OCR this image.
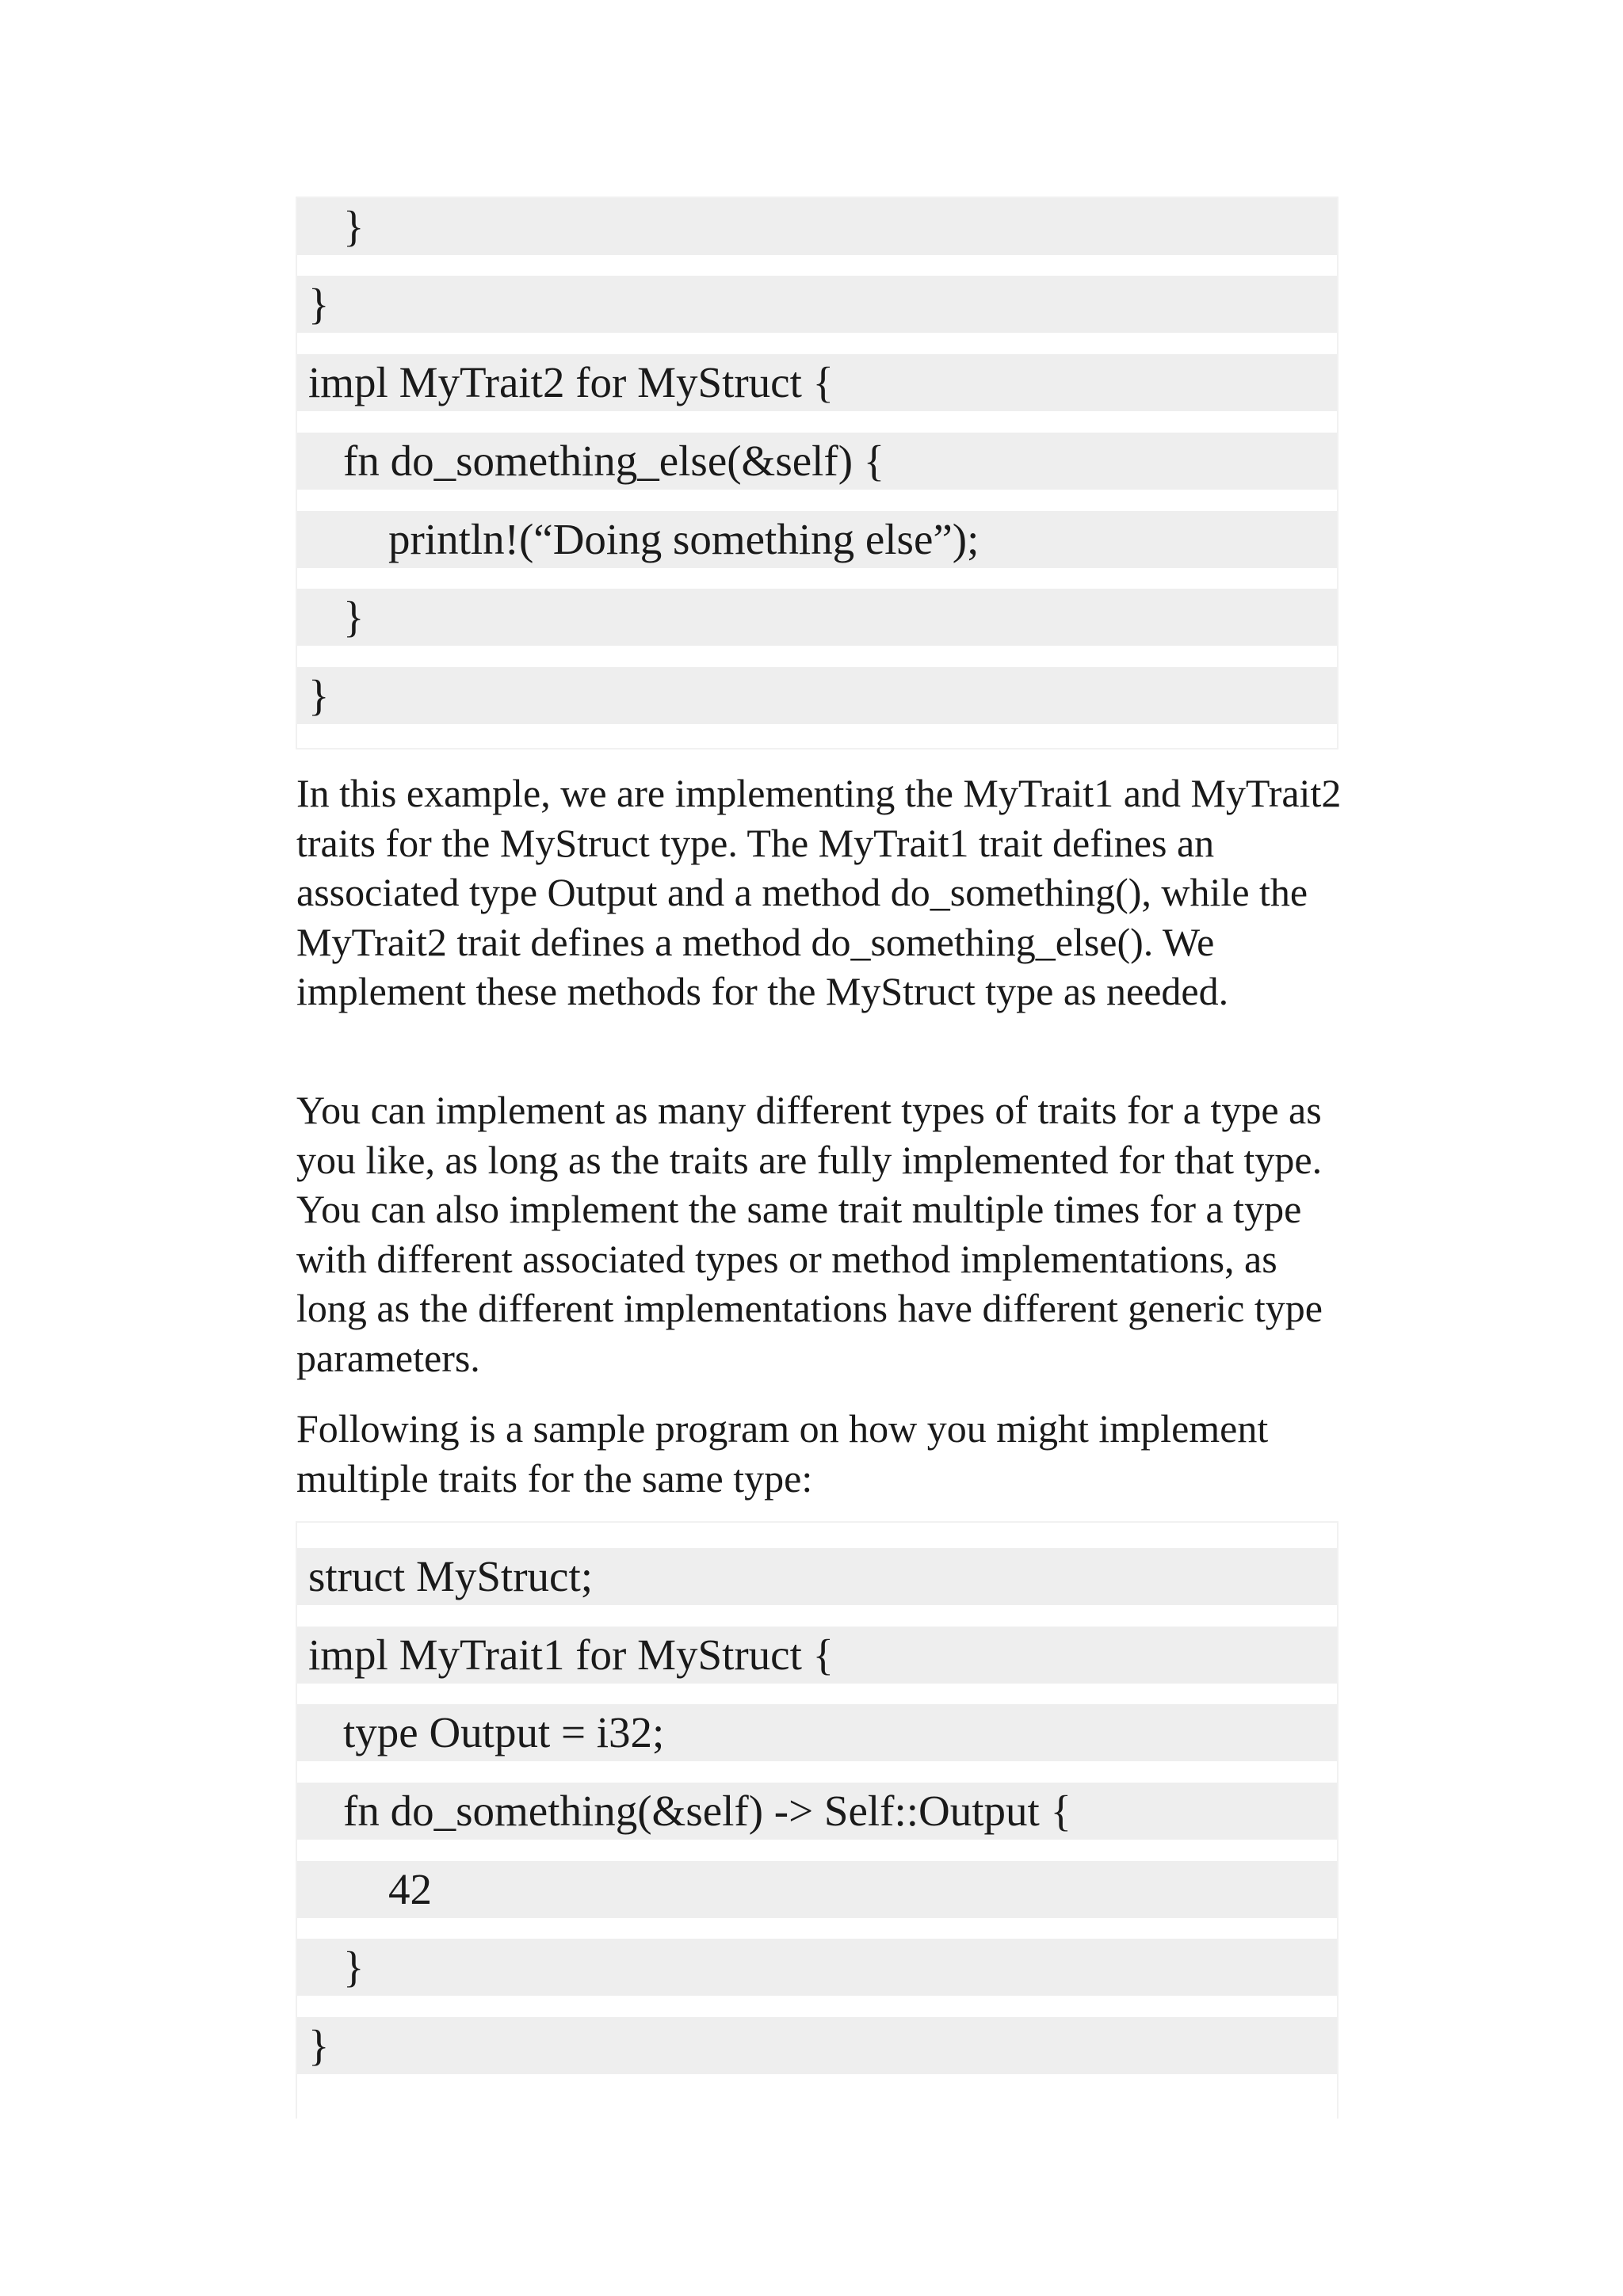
}
}
impl MyTrait2 for MyStruct {
fn do_something_else(&self) {
println!(“Doing something else”);
}
}

In this example, we are implementing the MyTrait1 and MyTrait2 traits for the MyStruct type. The MyTrait1 trait defines an associated type Output and a method do_something(), while the MyTrait2 trait defines a method do_something_else(). We implement these methods for the MyStruct type as needed.

You can implement as many different types of traits for a type as you like, as long as the traits are fully implemented for that type. You can also implement the same trait multiple times for a type with different associated types or method implementations, as long as the different implementations have different generic type parameters.

Following is a sample program on how you might implement multiple traits for the same type:

struct MyStruct;
impl MyTrait1 for MyStruct {
type Output = i32;
fn do_something(&self) -> Self::Output {
42
}
}
